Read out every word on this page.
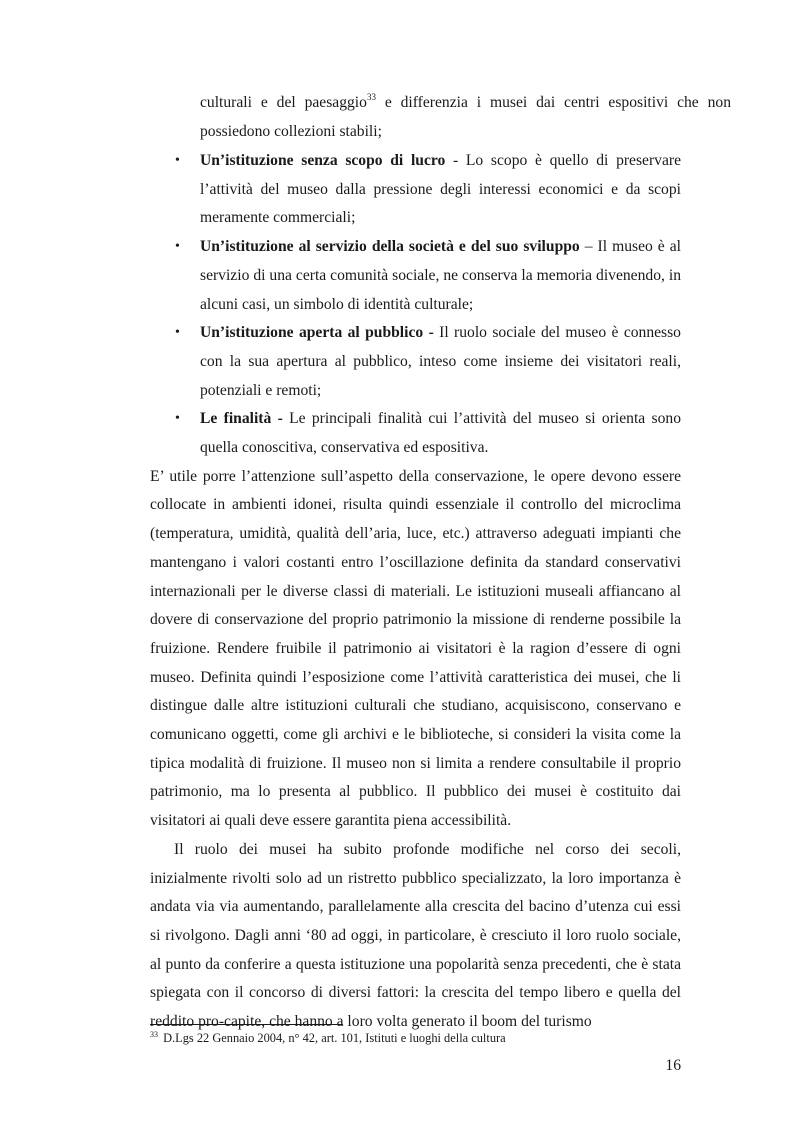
culturali e del paesaggio$^{33}$ e differenzia i musei dai centri espositivi che non possiedono collezioni stabili;
• Un’istituzione senza scopo di lucro - Lo scopo è quello di preservare l’attività del museo dalla pressione degli interessi economici e da scopi meramente commerciali;
• Un’istituzione al servizio della società e del suo sviluppo – Il museo è al servizio di una certa comunità sociale, ne conserva la memoria divenendo, in alcuni casi, un simbolo di identità culturale;
• Un’istituzione aperta al pubblico - Il ruolo sociale del museo è connesso con la sua apertura al pubblico, inteso come insieme dei visitatori reali, potenziali e remoti;
• Le finalità - Le principali finalità cui l’attività del museo si orienta sono quella conoscitiva, conservativa ed espositiva.

E’ utile porre l’attenzione sull’aspetto della conservazione, le opere devono essere collocate in ambienti idonei, risulta quindi essenziale il controllo del microclima (temperatura, umidità, qualità dell’aria, luce, etc.) attraverso adeguati impianti che mantengano i valori costanti entro l’oscillazione definita da standard conservativi internazionali per le diverse classi di materiali. Le istituzioni museali affiancano al dovere di conservazione del proprio patrimonio la missione di renderne possibile la fruizione. Rendere fruibile il patrimonio ai visitatori è la ragion d’essere di ogni museo. Definita quindi l’esposizione come l’attività caratteristica dei musei, che li distingue dalle altre istituzioni culturali che studiano, acquisiscono, conservano e comunicano oggetti, come gli archivi e le biblioteche, si consideri la visita come la tipica modalità di fruizione. Il museo non si limita a rendere consultabile il proprio patrimonio, ma lo presenta al pubblico. Il pubblico dei musei è costituito dai visitatori ai quali deve essere garantita piena accessibilità.

Il ruolo dei musei ha subito profonde modifiche nel corso dei secoli, inizialmente rivolti solo ad un ristretto pubblico specializzato, la loro importanza è andata via via aumentando, parallelamente alla crescita del bacino d’utenza cui essi si rivolgono. Dagli anni ‘80 ad oggi, in particolare, è cresciuto il loro ruolo sociale, al punto da conferire a questa istituzione una popolarità senza precedenti, che è stata spiegata con il concorso di diversi fattori: la crescita del tempo libero e quella del reddito pro-capite, che hanno a loro volta generato il boom del turismo

$^{33}$ D.Lgs 22 Gennaio 2004, n° 42, art. 101, Istituti e luoghi della cultura
16
